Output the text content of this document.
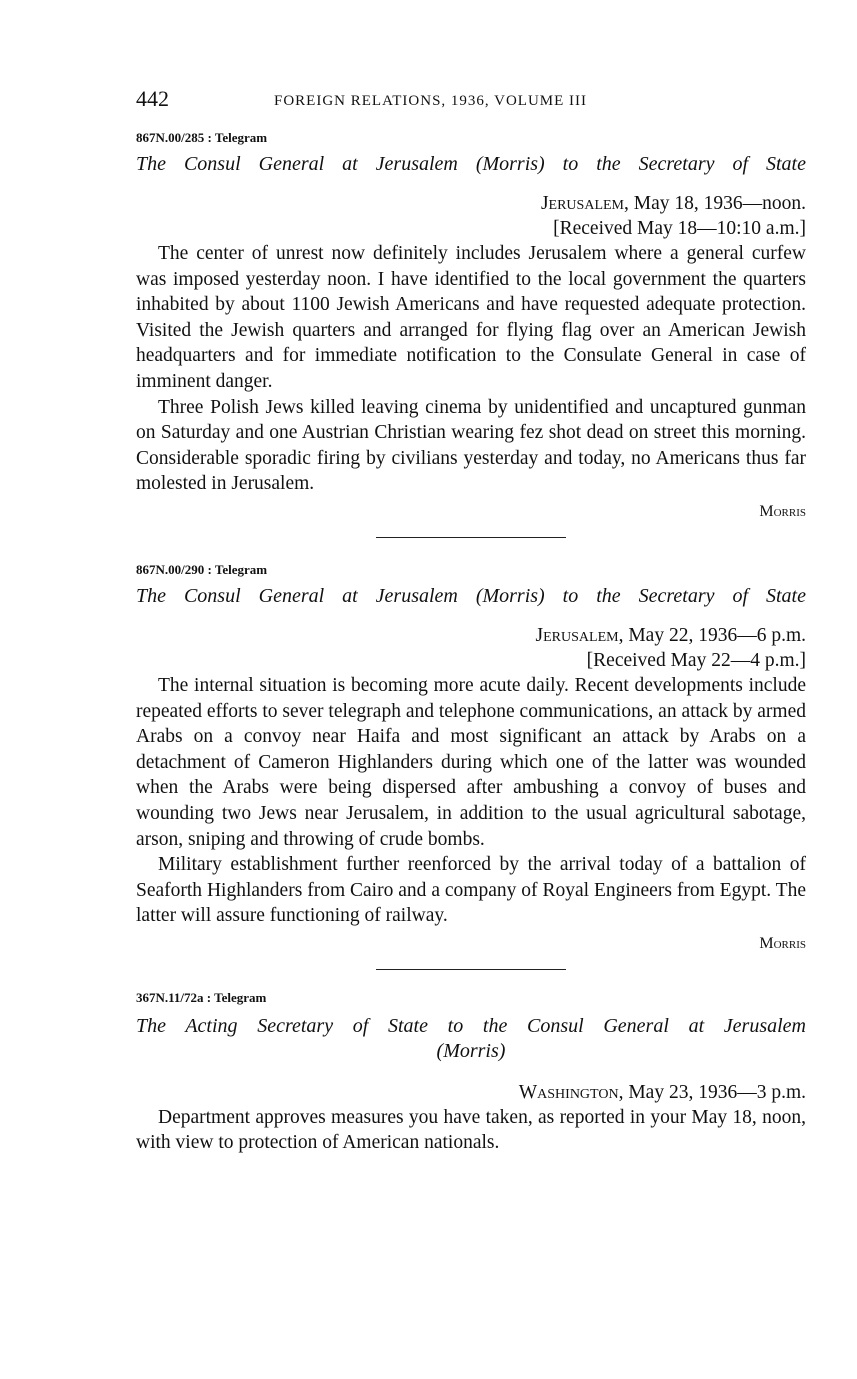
442	FOREIGN RELATIONS, 1936, VOLUME III
867N.00/285 : Telegram
The Consul General at Jerusalem (Morris) to the Secretary of State
Jerusalem, May 18, 1936—noon.
[Received May 18—10:10 a.m.]

The center of unrest now definitely includes Jerusalem where a general curfew was imposed yesterday noon. I have identified to the local government the quarters inhabited by about 1100 Jewish Americans and have requested adequate protection. Visited the Jewish quarters and arranged for flying flag over an American Jewish headquarters and for immediate notification to the Consulate General in case of imminent danger.

Three Polish Jews killed leaving cinema by unidentified and uncaptured gunman on Saturday and one Austrian Christian wearing fez shot dead on street this morning. Considerable sporadic firing by civilians yesterday and today, no Americans thus far molested in Jerusalem.

Morris
867N.00/290 : Telegram
The Consul General at Jerusalem (Morris) to the Secretary of State
Jerusalem, May 22, 1936—6 p.m.
[Received May 22—4 p.m.]

The internal situation is becoming more acute daily. Recent developments include repeated efforts to sever telegraph and telephone communications, an attack by armed Arabs on a convoy near Haifa and most significant an attack by Arabs on a detachment of Cameron Highlanders during which one of the latter was wounded when the Arabs were being dispersed after ambushing a convoy of buses and wounding two Jews near Jerusalem, in addition to the usual agricultural sabotage, arson, sniping and throwing of crude bombs.

Military establishment further reenforced by the arrival today of a battalion of Seaforth Highlanders from Cairo and a company of Royal Engineers from Egypt. The latter will assure functioning of railway.

Morris
367N.11/72a : Telegram
The Acting Secretary of State to the Consul General at Jerusalem
(Morris)
Washington, May 23, 1936—3 p.m.

Department approves measures you have taken, as reported in your May 18, noon, with view to protection of American nationals.
